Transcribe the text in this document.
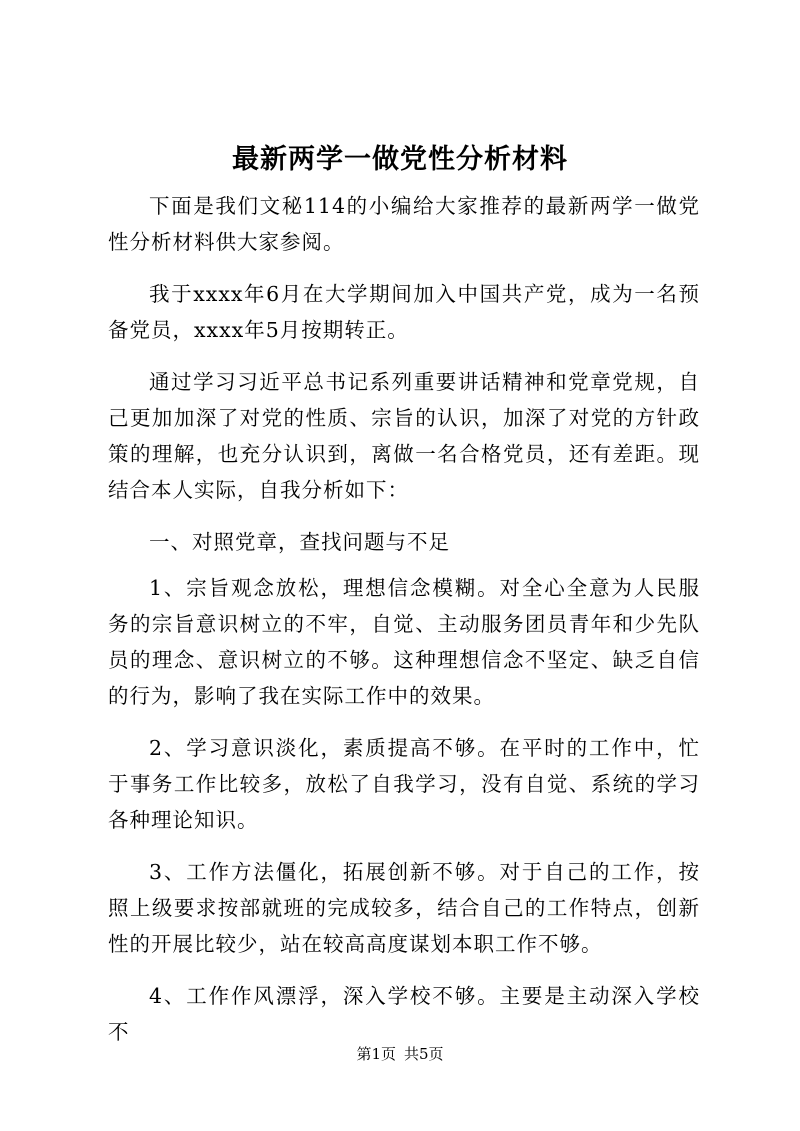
最新两学一做党性分析材料

下面是我们文秘114的小编给大家推荐的最新两学一做党性分析材料供大家参阅。

我于xxxx年6月在大学期间加入中国共产党，成为一名预备党员，xxxx年5月按期转正。

通过学习习近平总书记系列重要讲话精神和党章党规，自己更加加深了对党的性质、宗旨的认识，加深了对党的方针政策的理解，也充分认识到，离做一名合格党员，还有差距。现结合本人实际，自我分析如下：

一、对照党章，查找问题与不足

1、宗旨观念放松，理想信念模糊。对全心全意为人民服务的宗旨意识树立的不牢，自觉、主动服务团员青年和少先队员的理念、意识树立的不够。这种理想信念不坚定、缺乏自信的行为，影响了我在实际工作中的效果。

2、学习意识淡化，素质提高不够。在平时的工作中，忙于事务工作比较多，放松了自我学习，没有自觉、系统的学习各种理论知识。

3、工作方法僵化，拓展创新不够。对于自己的工作，按照上级要求按部就班的完成较多，结合自己的工作特点，创新性的开展比较少，站在较高高度谋划本职工作不够。

4、工作作风漂浮，深入学校不够。主要是主动深入学校不

第1页 共5页
